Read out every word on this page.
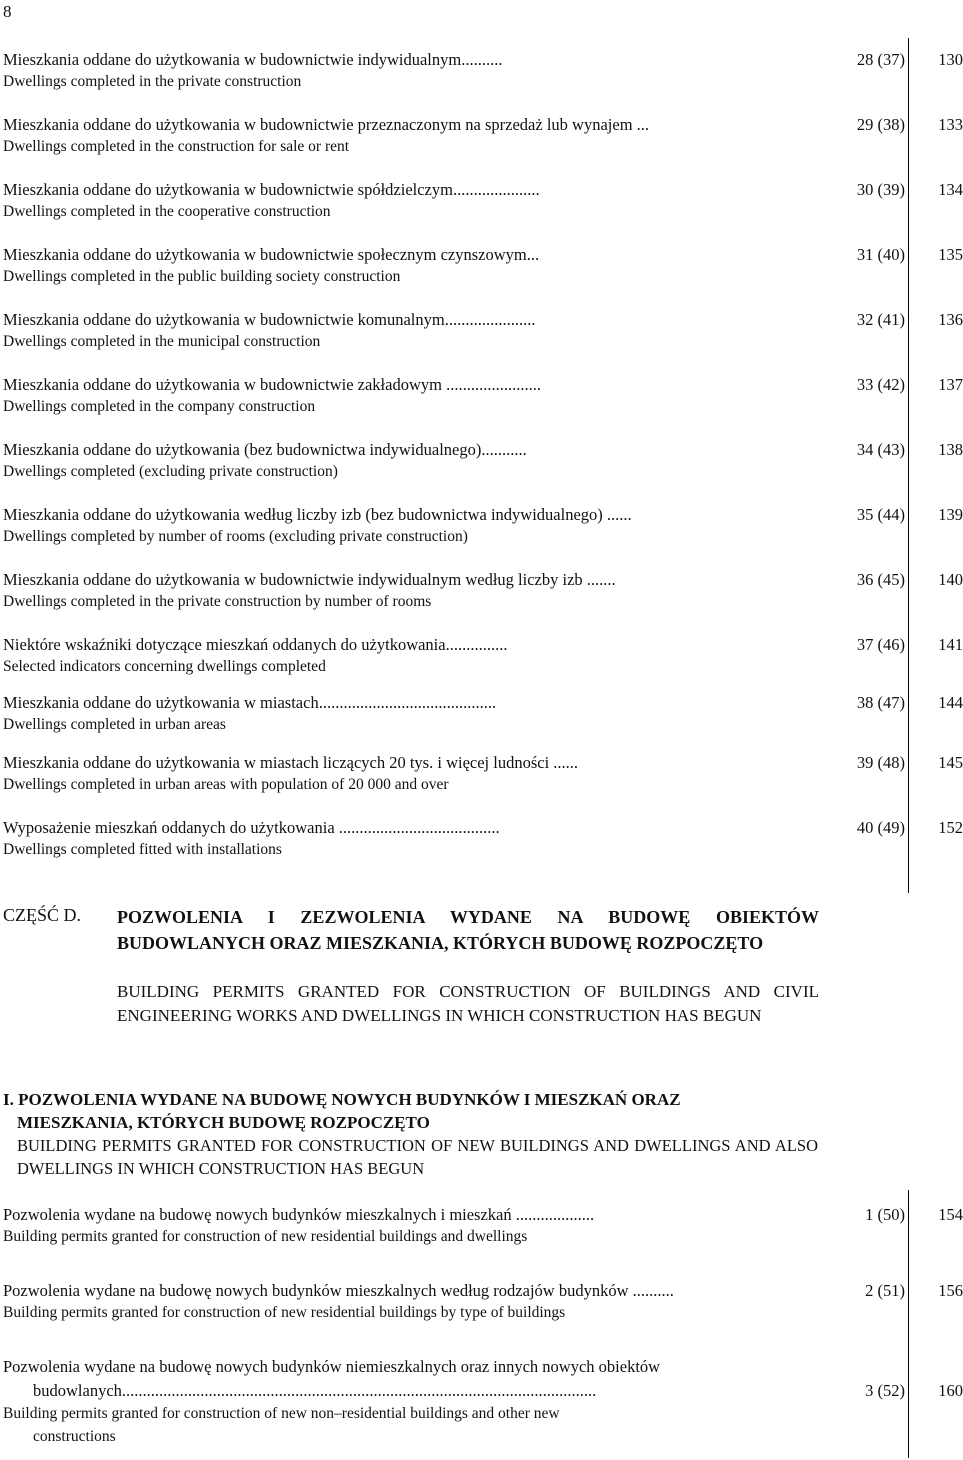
8
Mieszkania oddane do użytkowania w budownictwie indywidualnym..........
Dwellings completed in the private construction
28 (37)	130
Mieszkania oddane do użytkowania w budownictwie przeznaczonym na sprzedaż lub wynajem ...
Dwellings completed in the construction for sale or rent
29 (38)	133
Mieszkania oddane do użytkowania w budownictwie spółdzielczym.....................
Dwellings completed in the cooperative construction
30 (39)	134
Mieszkania oddane do użytkowania w budownictwie społecznym czynszowym...
Dwellings completed in the public building society construction
31 (40)	135
Mieszkania oddane do użytkowania w budownictwie komunalnym......................
Dwellings completed in the municipal construction
32 (41)	136
Mieszkania oddane do użytkowania w budownictwie zakładowym .......................
Dwellings completed in the company construction
33 (42)	137
Mieszkania oddane do użytkowania (bez budownictwa indywidualnego)...........
Dwellings completed (excluding private construction)
34 (43)	138
Mieszkania oddane do użytkowania według liczby izb (bez budownictwa indywidualnego) ......
Dwellings completed by number of rooms (excluding private construction)
35 (44)	139
Mieszkania oddane do użytkowania w budownictwie indywidualnym według liczby izb .......
Dwellings completed in the private construction by number of rooms
36 (45)	140
Niektóre wskaźniki dotyczące mieszkań oddanych do użytkowania...............
Selected indicators concerning dwellings completed
37 (46)	141
Mieszkania oddane do użytkowania w miastach...........................................
Dwellings completed in urban areas
38 (47)	144
Mieszkania oddane do użytkowania w miastach liczących 20 tys. i więcej ludności ......
Dwellings completed in urban areas with population of 20 000 and over
39 (48)	145
Wyposażenie mieszkań oddanych do użytkowania .......................................
Dwellings completed fitted with installations
40 (49)	152
CZĘŚĆ D. POZWOLENIA I ZEZWOLENIA WYDANE NA BUDOWĘ OBIEKTÓW BUDOWLANYCH ORAZ MIESZKANIA, KTÓRYCH BUDOWĘ ROZPOCZĘTO
BUILDING PERMITS GRANTED FOR CONSTRUCTION OF BUILDINGS AND CIVIL ENGINEERING WORKS AND DWELLINGS IN WHICH CONSTRUCTION HAS BEGUN
I. POZWOLENIA WYDANE NA BUDOWĘ NOWYCH BUDYNKÓW I MIESZKAŃ ORAZ
MIESZKANIA, KTÓRYCH BUDOWĘ ROZPOCZĘTO
BUILDING PERMITS GRANTED FOR CONSTRUCTION OF NEW BUILDINGS AND DWELLINGS AND ALSO DWELLINGS IN WHICH CONSTRUCTION HAS BEGUN
Pozwolenia wydane na budowę nowych budynków mieszkalnych i mieszkań ...................
Building permits granted for construction of new residential buildings and dwellings
1 (50)	154
Pozwolenia wydane na budowę nowych budynków mieszkalnych według rodzajów budynków ..........
Building permits granted for construction of new residential buildings by type of buildings
2 (51)	156
Pozwolenia wydane na budowę nowych budynków niemieszkalnych oraz innych nowych obiektów
budowlanych...................................................................................................................
Building permits granted for construction of new non–residential buildings and other new
constructions
3 (52)	160
